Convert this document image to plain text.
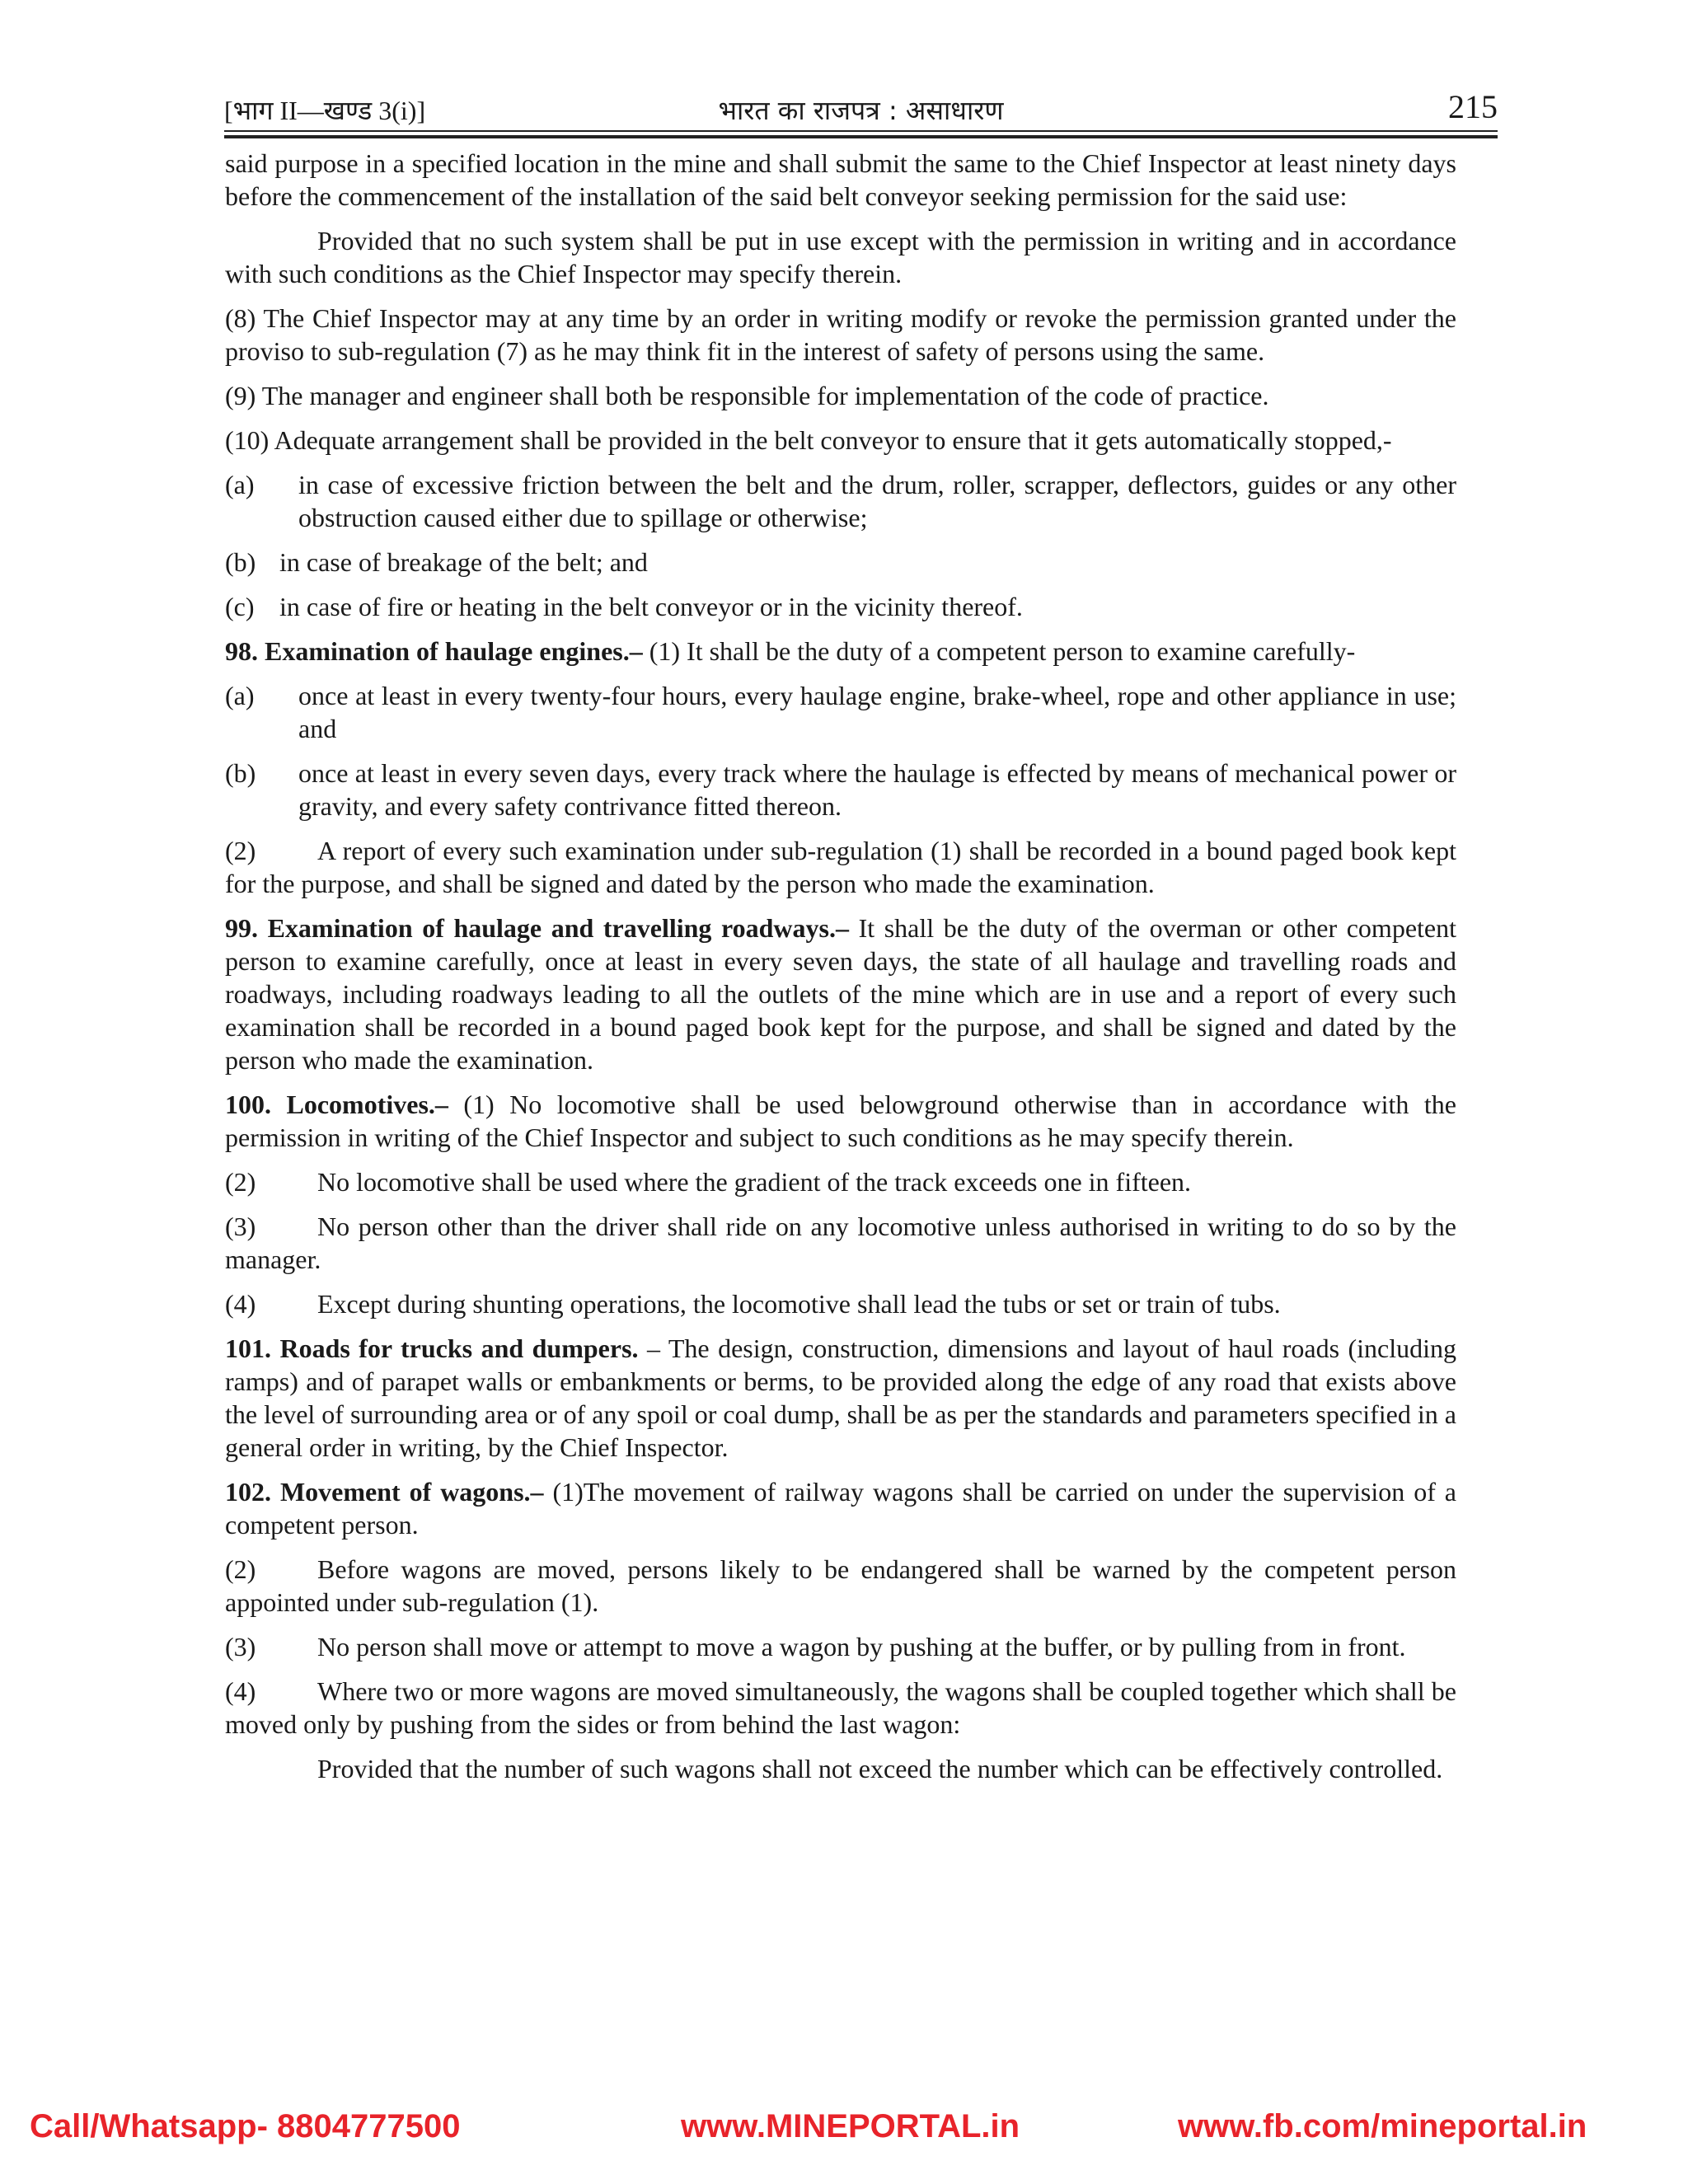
[भाग II—खण्ड 3(i)]	भारत का राजपत्र : असाधारण	215

said purpose in a specified location in the mine and shall submit the same to the Chief Inspector at least ninety days before the commencement of the installation of the said belt conveyor seeking permission for the said use:

Provided that no such system shall be put in use except with the permission in writing and in accordance with such conditions as the Chief Inspector may specify therein.

(8) The Chief Inspector may at any time by an order in writing modify or revoke the permission granted under the proviso to sub-regulation (7) as he may think fit in the interest of safety of persons using the same.

(9) The manager and engineer shall both be responsible for implementation of the code of practice.

(10) Adequate arrangement shall be provided in the belt conveyor to ensure that it gets automatically stopped,-

(a) in case of excessive friction between the belt and the drum, roller, scrapper, deflectors, guides or any other obstruction caused either due to spillage or otherwise;

(b) in case of breakage of the belt; and

(c) in case of fire or heating in the belt conveyor or in the vicinity thereof.

98. Examination of haulage engines.– (1) It shall be the duty of a competent person to examine carefully-

(a) once at least in every twenty-four hours, every haulage engine, brake-wheel, rope and other appliance in use; and

(b) once at least in every seven days, every track where the haulage is effected by means of mechanical power or gravity, and every safety contrivance fitted thereon.

(2) A report of every such examination under sub-regulation (1) shall be recorded in a bound paged book kept for the purpose, and shall be signed and dated by the person who made the examination.

99. Examination of haulage and travelling roadways.– It shall be the duty of the overman or other competent person to examine carefully, once at least in every seven days, the state of all haulage and travelling roads and roadways, including roadways leading to all the outlets of the mine which are in use and a report of every such examination shall be recorded in a bound paged book kept for the purpose, and shall be signed and dated by the person who made the examination.

100. Locomotives.– (1) No locomotive shall be used belowground otherwise than in accordance with the permission in writing of the Chief Inspector and subject to such conditions as he may specify therein.

(2) No locomotive shall be used where the gradient of the track exceeds one in fifteen.

(3) No person other than the driver shall ride on any locomotive unless authorised in writing to do so by the manager.

(4) Except during shunting operations, the locomotive shall lead the tubs or set or train of tubs.

101. Roads for trucks and dumpers. – The design, construction, dimensions and layout of haul roads (including ramps) and of parapet walls or embankments or berms, to be provided along the edge of any road that exists above the level of surrounding area or of any spoil or coal dump, shall be as per the standards and parameters specified in a general order in writing, by the Chief Inspector.

102. Movement of wagons.– (1)The movement of railway wagons shall be carried on under the supervision of a competent person.

(2) Before wagons are moved, persons likely to be endangered shall be warned by the competent person appointed under sub-regulation (1).

(3) No person shall move or attempt to move a wagon by pushing at the buffer, or by pulling from in front.

(4) Where two or more wagons are moved simultaneously, the wagons shall be coupled together which shall be moved only by pushing from the sides or from behind the last wagon:

Provided that the number of such wagons shall not exceed the number which can be effectively controlled.

Call/Whatsapp- 8804777500	www.MINEPORTAL.in	www.fb.com/mineportal.in
